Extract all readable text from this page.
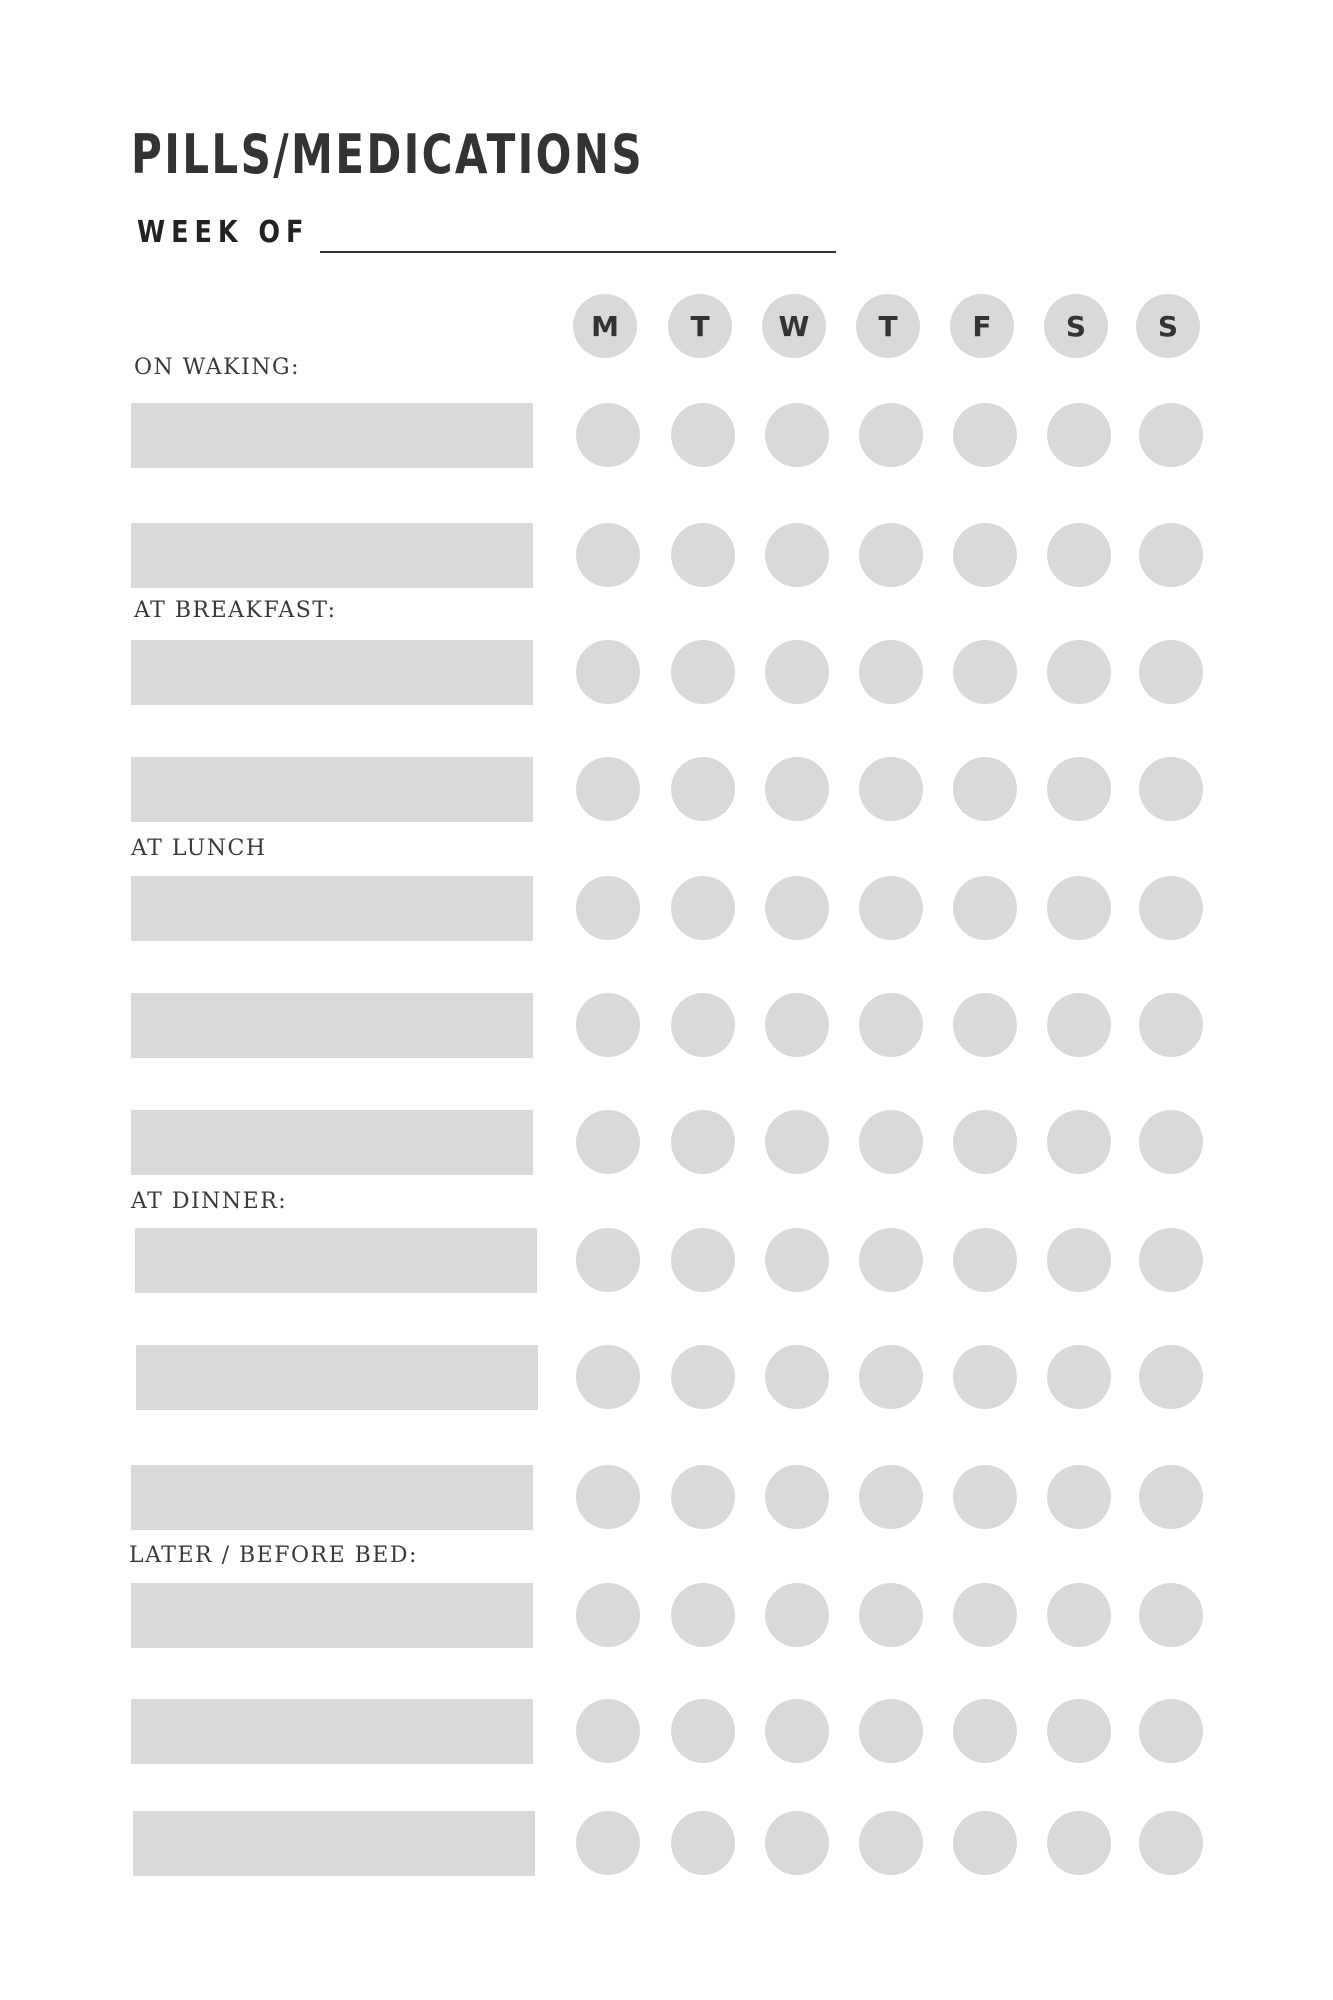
PILLS/MEDICATIONS
WEEK OF
M	T	W	T	F	S	S
ON WAKING:
AT BREAKFAST:
AT LUNCH
AT DINNER:
LATER / BEFORE BED:
